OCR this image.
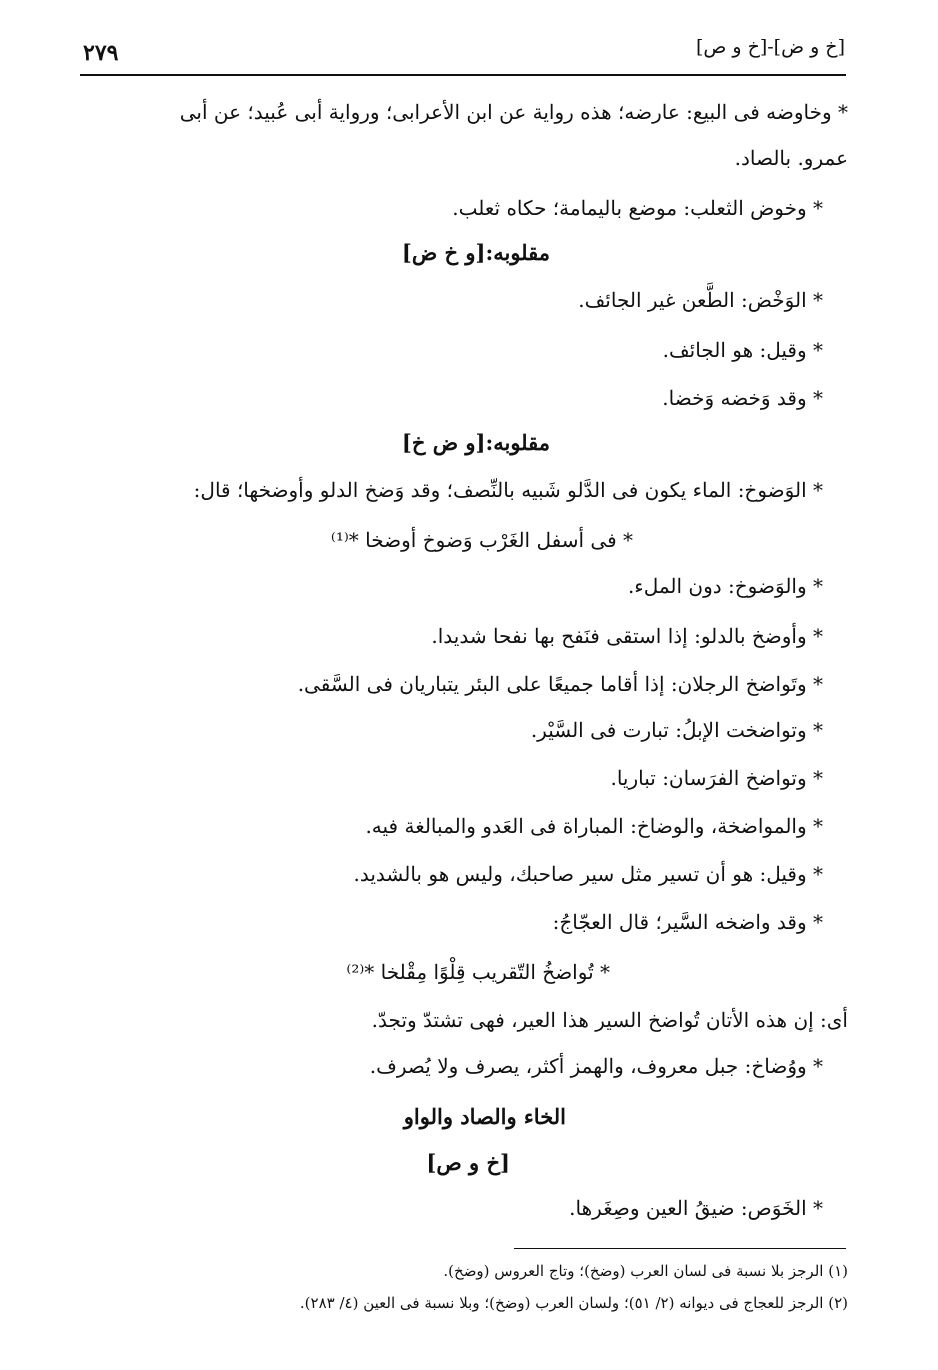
[خ و ض]-[خ و ص]
٢٧٩
* وخاوضه فى البيع: عارضه؛ هذه رواية عن ابن الأعرابى؛ ورواية أبى عُبيد؛ عن أبى
عمرو. بالصاد.
* وخوض الثعلب: موضع باليمامة؛ حكاه ثعلب.
مقلوبه:[و خ ض]
* الوَخْض: الطَّعن غير الجائف.
* وقيل: هو الجائف.
* وقد وَخضه وَخضا.
مقلوبه:[و ض خ]
* الوَضوخ: الماء يكون فى الدَّلو شَبيه بالنِّصف؛ وقد وَضخ الدلو وأوضخها؛ قال:
* فى أسفل الغَرْب وَضوخ أوضخا *⁽¹⁾
* والوَضوخ: دون الملء.
* وأوضخ بالدلو: إذا استقى فنَفح بها نفحا شديدا.
* وتَواضخ الرجلان: إذا أقاما جميعًا على البئر يتباريان فى السَّقى.
* وتواضخت الإبلُ: تبارت فى السَّيْر.
* وتواضخ الفرَسان: تباريا.
* والمواضخة، والوضاخ: المباراة فى العَدو والمبالغة فيه.
* وقيل: هو أن تسير مثل سير صاحبك، وليس هو بالشديد.
* وقد واضخه السَّير؛ قال العجّاجُ:
* تُواضخُ التّقريب قِلْوًا مِقْلخا *⁽²⁾
أى: إن هذه الأتان تُواضخ السير هذا العير، فهى تشتدّ وتجدّ.
* ووُضاخ: جبل معروف، والهمز أكثر، يصرف ولا يُصرف.
الخاء والصاد والواو
[خ و ص]
* الخَوَص: ضيقُ العين وصِغَرها.
(١) الرجز بلا نسبة فى لسان العرب (وضخ)؛ وتاج العروس (وضخ).
(٢) الرجز للعجاج فى ديوانه (٢/ ٥١)؛ ولسان العرب (وضخ)؛ وبلا نسبة فى العين (٤/ ٢٨٣).
